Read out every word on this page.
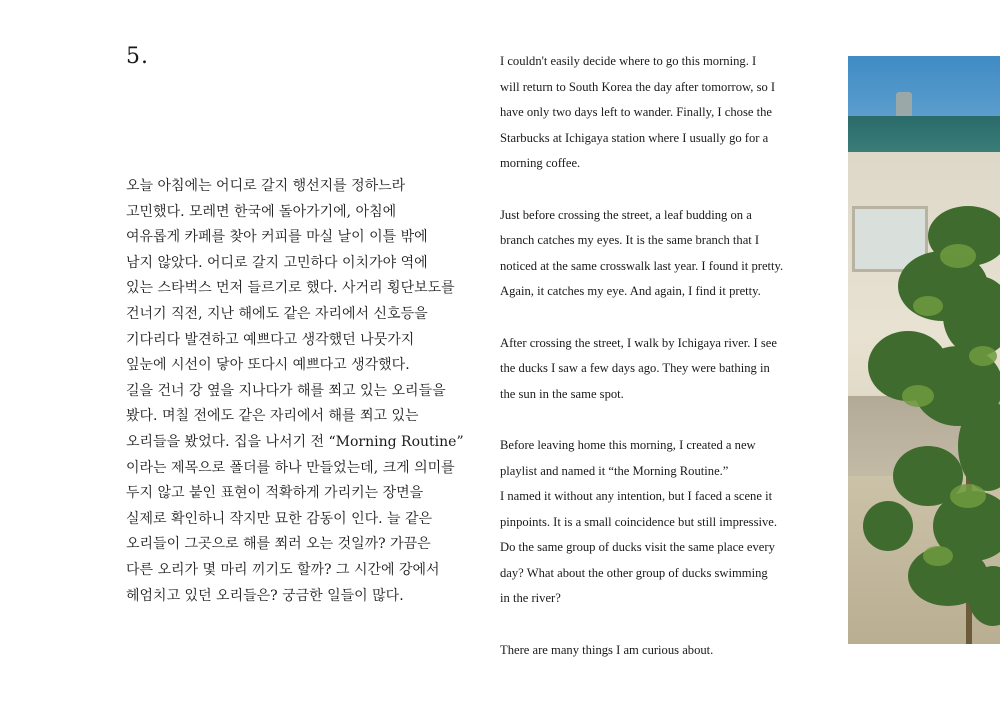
5.
오늘 아침에는 어디로 갈지 행선지를 정하느라
고민했다. 모레면 한국에 돌아가기에, 아침에
여유롭게 카페를 찾아 커피를 마실 날이 이틀 밖에
남지 않았다. 어디로 갈지 고민하다 이치가야 역에
있는 스타벅스 먼저 들르기로 했다. 사거리 횡단보도를
건너기 직전, 지난 해에도 같은 자리에서 신호등을
기다리다 발견하고 예쁘다고 생각했던 나뭇가지
잎눈에 시선이 닿아 또다시 예쁘다고 생각했다.
길을 건너 강 옆을 지나다가 해를 쬐고 있는 오리들을
봤다. 며칠 전에도 같은 자리에서 해를 쬐고 있는
오리들을 봤었다. 집을 나서기 전 “Morning Routine”
이라는 제목으로 폴더를 하나 만들었는데, 크게 의미를
두지 않고 붙인 표현이 적확하게 가리키는 장면을
실제로 확인하니 작지만 묘한 감동이 인다. 늘 같은
오리들이 그곳으로 해를 쬐러 오는 것일까? 가끔은
다른 오리가 몇 마리 끼기도 할까? 그 시간에 강에서
헤엄치고 있던 오리들은? 궁금한 일들이 많다.
I couldn't easily decide where to go this morning. I
will return to South Korea the day after tomorrow, so I
have only two days left to wander. Finally, I chose the
Starbucks at Ichigaya station where I usually go for a
morning coffee.
Just before crossing the street, a leaf budding on a
branch catches my eyes. It is the same branch that I
noticed at the same crosswalk last year. I found it pretty.
Again, it catches my eye. And again, I find it pretty.
After crossing the street, I walk by Ichigaya river. I see
the ducks I saw a few days ago. They were bathing in
the sun in the same spot.
Before leaving home this morning, I created a new
playlist and named it “the Morning Routine.”
I named it without any intention, but I faced a scene it
pinpoints. It is a small coincidence but still impressive.
Do the same group of ducks visit the same place every
day? What about the other group of ducks swimming
in the river?
There are many things I am curious about.
